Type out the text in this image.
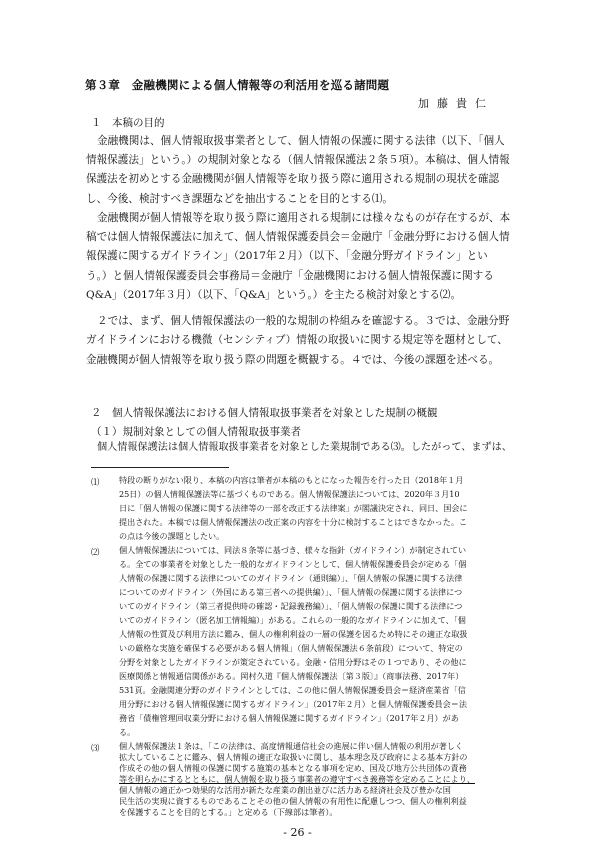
第３章　金融機関による個人情報等の利活用を巡る諸問題
加藤貴仁
１　本稿の目的
金融機関は、個人情報取扱事業者として、個人情報の保護に関する法律（以下、「個人
情報保護法」という。）の規制対象となる（個人情報保護法２条５項）。本稿は、個人情報
保護法を初めとする金融機関が個人情報等を取り扱う際に適用される規制の現状を確認
し、今後、検討すべき課題などを抽出することを目的とする⑴。
金融機関が個人情報等を取り扱う際に適用される規制には様々なものが存在するが、本
稿では個人情報保護法に加えて、個人情報保護委員会＝金融庁「金融分野における個人情
報保護に関するガイドライン」（2017年２月）（以下、「金融分野ガイドライン」とい
う。）と個人情報保護委員会事務局＝金融庁「金融機関における個人情報保護に関する
Q&A」（2017年３月）（以下、「Q&A」という。）を主たる検討対象とする⑵。
２では、まず、個人情報保護法の一般的な規制の枠組みを確認する。３では、金融分野
ガイドラインにおける機微（センシティブ）情報の取扱いに関する規定等を題材として、
金融機関が個人情報等を取り扱う際の問題を概観する。４では、今後の課題を述べる。
２　個人情報保護法における個人情報取扱事業者を対象とした規制の概観
（１）規制対象としての個人情報取扱事業者
個人情報保護法は個人情報取扱事業者を対象とした業規制である⑶。したがって、まずは、
⑴ 特段の断りがない限り、本稿の内容は筆者が本稿のもとになった報告を行った日（2018年１月
25日）の個人情報保護法等に基づくものである。個人情報保護法については、2020年３月10
日に「個人情報の保護に関する法律等の一部を改正する法律案」が閣議決定され、同日、国会に
提出された。本稿では個人情報保護法の改正案の内容を十分に検討することはできなかった。こ
の点は今後の課題としたい。
⑵ 個人情報保護法については、同法８条等に基づき、様々な指針（ガイドライン）が制定されてい
る。全ての事業者を対象とした一般的なガイドラインとして、個人情報保護委員会が定める「個
人情報の保護に関する法律についてのガイドライン（通則編）」、「個人情報の保護に関する法律
についてのガイドライン（外国にある第三者への提供編）」、「個人情報の保護に関する法律につ
いてのガイドライン（第三者提供時の確認・記録義務編）」、「個人情報の保護に関する法律につ
いてのガイドライン（匿名加工情報編）」がある。これらの一般的なガイドラインに加えて、「個
人情報の性質及び利用方法に鑑み、個人の権利利益の一層の保護を図るため特にその適正な取扱
いの厳格な実施を確保する必要がある個人情報」（個人情報保護法６条前段）について、特定の
分野を対象としたガイドラインが策定されている。金融・信用分野はその１つであり、その他に
医療関係と情報通信関係がある。岡村久道『個人情報保護法〔第３版〕』（商事法務、2017年）
531頁。金融関連分野のガイドラインとしては、この他に個人情報保護委員会＝経済産業省「信
用分野における個人情報保護に関するガイドライン」（2017年２月）と個人情報保護委員会＝法
務省「債権管理回収業分野における個人情報保護に関するガイドライン」（2017年２月）があ
る。
⑶ 個人情報保護法１条は、「この法律は、高度情報通信社会の進展に伴い個人情報の利用が著しく
拡大していることに鑑み、個人情報の適正な取扱いに関し、基本理念及び政府による基本方針の
作成その他の個人情報の保護に関する施策の基本となる事項を定め、国及び地方公共団体の責務
等を明らかにするとともに、個人情報を取り扱う事業者の遵守すべき義務等を定めることにより、
個人情報の適正かつ効果的な活用が新たな産業の創出並びに活力ある経済社会及び豊かな国
民生活の実現に資するものであることその他の個人情報の有用性に配慮しつつ、個人の権利利益
を保護することを目的とする。」と定める（下線部は筆者）。
- 26 -
